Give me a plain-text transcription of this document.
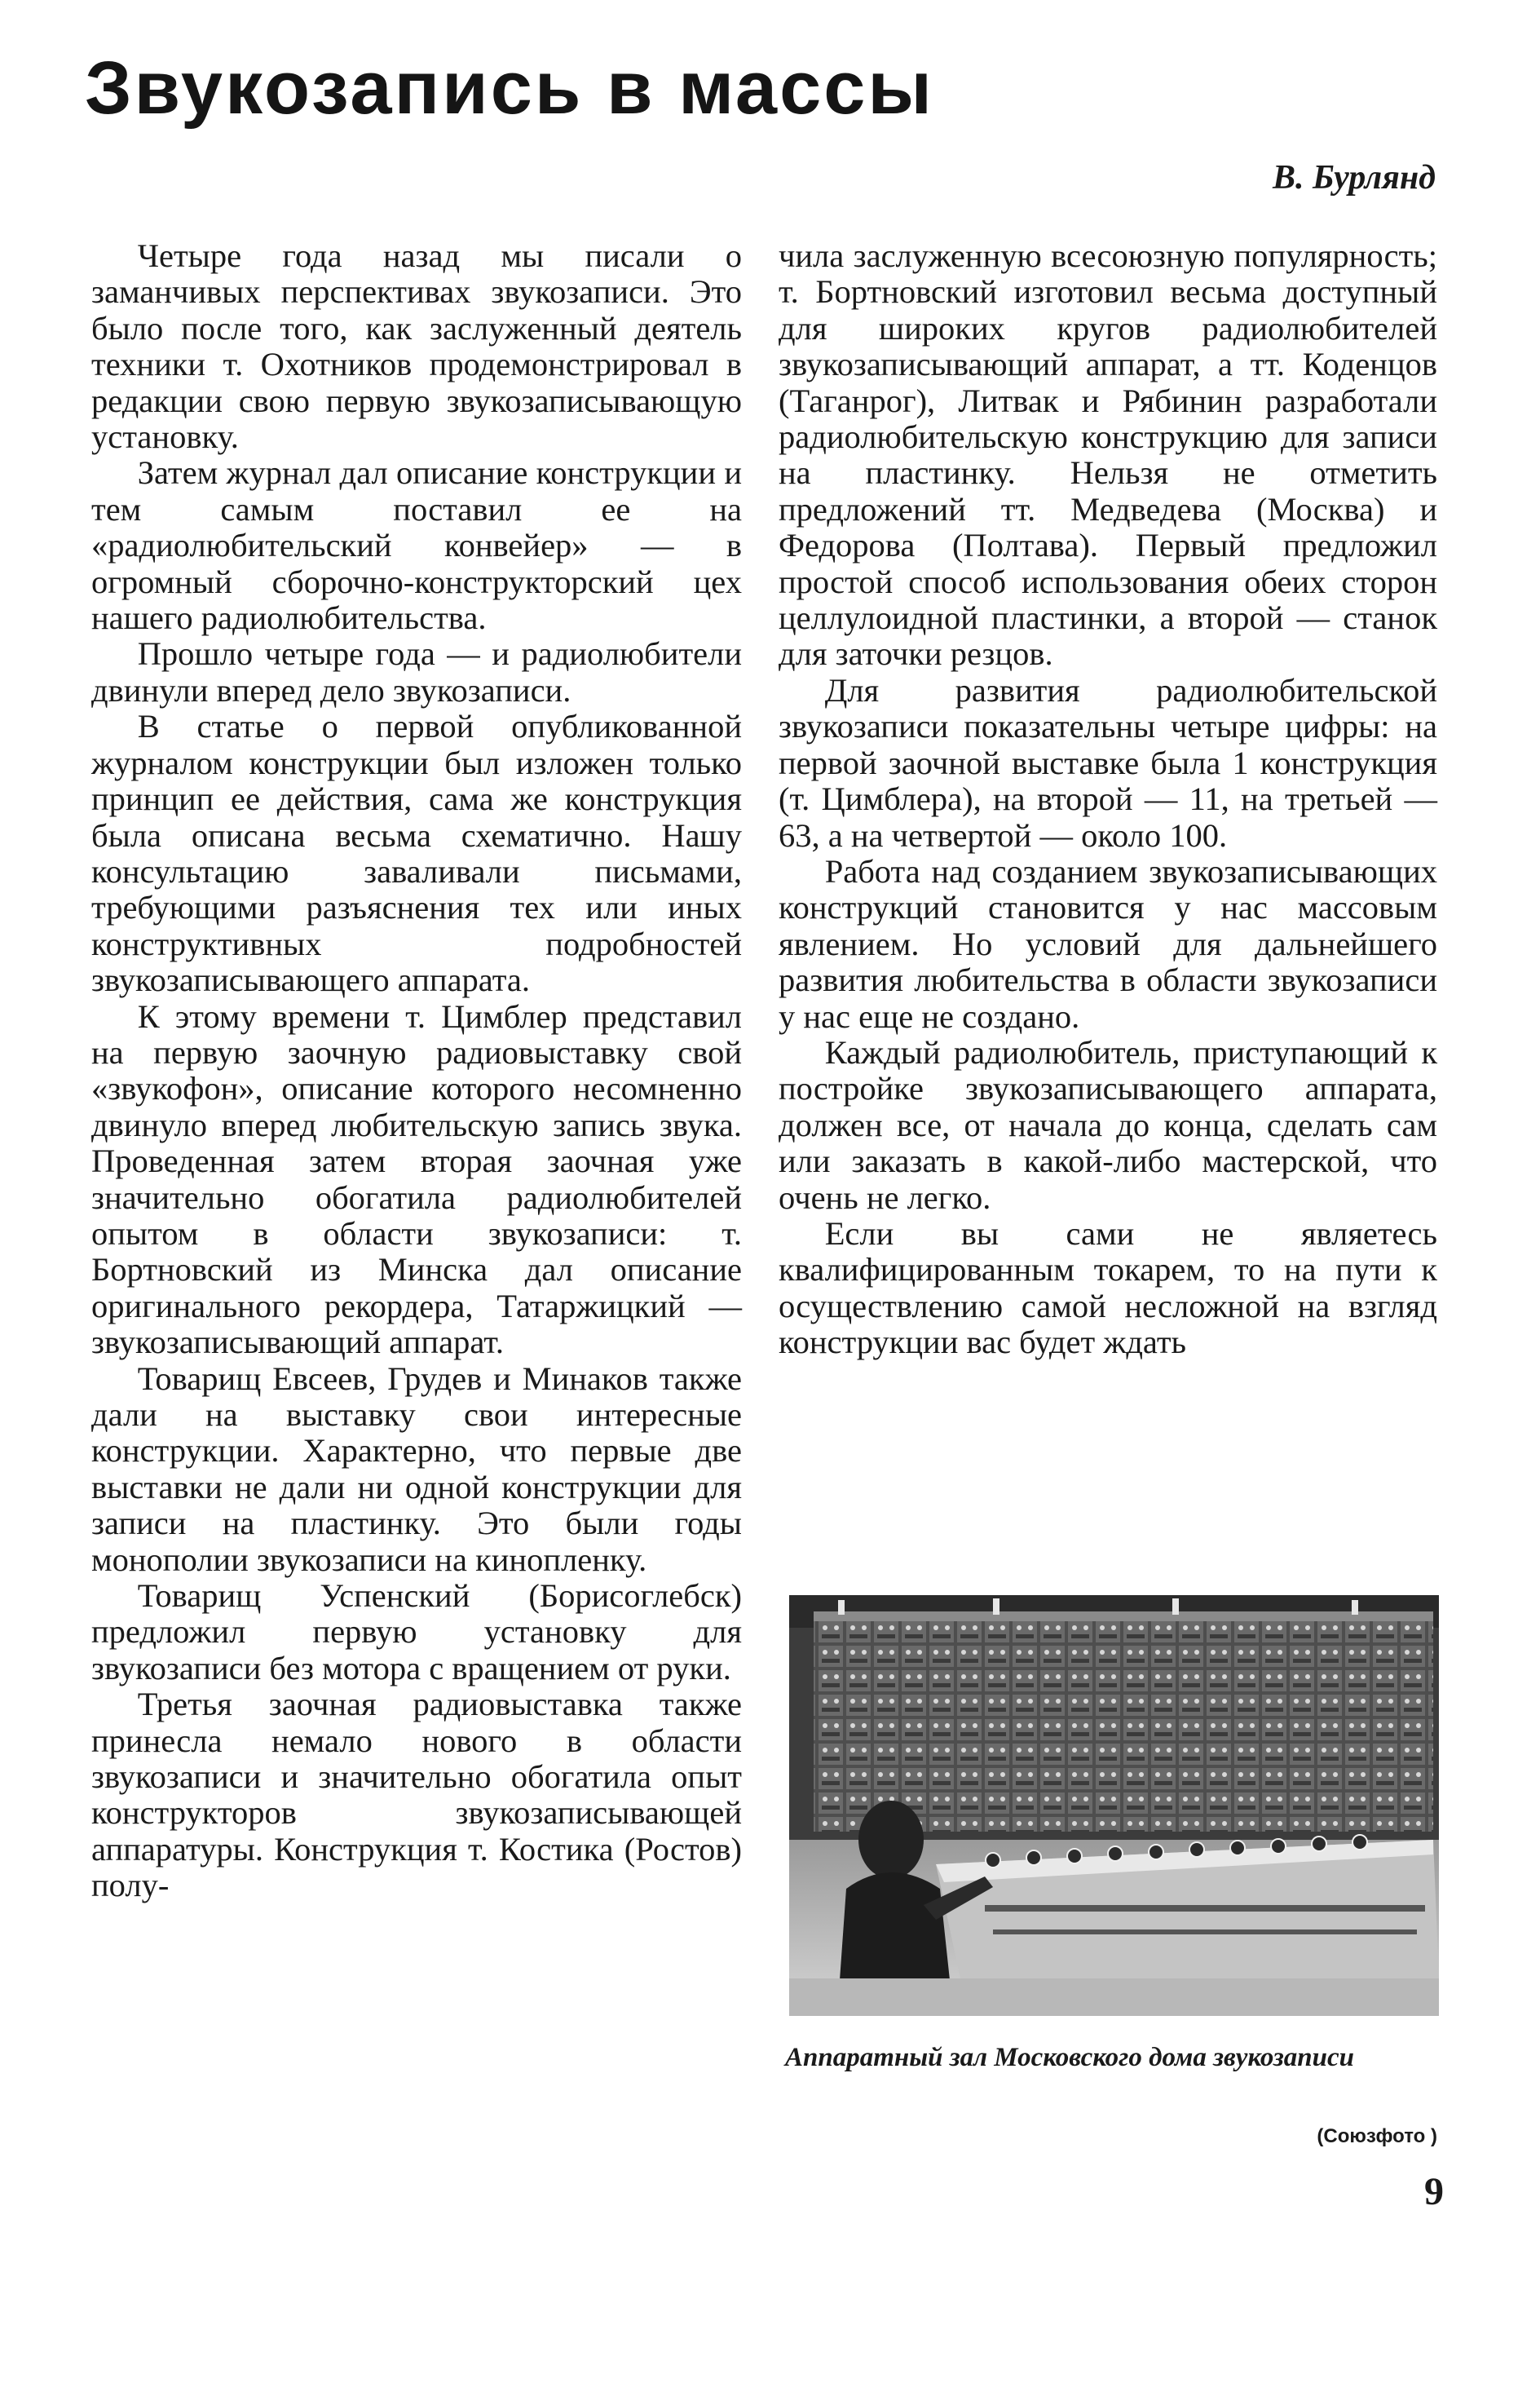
Звукозапись в массы

В. Бурлянд

Четыре года назад мы писали о заманчивых перспективах звукозаписи. Это было после того, как заслуженный деятель техники т. Охотников продемонстрировал в редакции свою первую звукозаписывающую установку.

Затем журнал дал описание конструкции и тем самым поставил ее на «радиолюбительский конвейер» — в огромный сборочно-конструкторский цех нашего радиолюбительства.

Прошло четыре года — и радиолюбители двинули вперед дело звукозаписи.

В статье о первой опубликованной журналом конструкции был изложен только принцип ее действия, сама же конструкция была описана весьма схематично. Нашу консультацию заваливали письмами, требующими разъяснения тех или иных конструктивных подробностей звукозаписывающего аппарата.

К этому времени т. Цимблер представил на первую заочную радиовыставку свой «звукофон», описание которого несомненно двинуло вперед любительскую запись звука. Проведенная затем вторая заочная уже значительно обогатила радиолюбителей опытом в области звукозаписи: т. Бортновский из Минска дал описание оригинального рекордера, Татаржицкий — звукозаписывающий аппарат.

Товарищ Евсеев, Грудев и Минаков также дали на выставку свои интересные конструкции. Характерно, что первые две выставки не дали ни одной конструкции для записи на пластинку. Это были годы монополии звукозаписи на кинопленку.

Товарищ Успенский (Борисоглебск) предложил первую установку для звукозаписи без мотора с вращением от руки.

Третья заочная радиовыставка также принесла немало нового в области звукозаписи и значительно обогатила опыт конструкторов звукозаписывающей аппаратуры. Конструкция т. Костика (Ростов) полу-

чила заслуженную всесоюзную популярность; т. Бортновский изготовил весьма доступный для широких кругов радиолюбителей звукозаписывающий аппарат, а тт. Коденцов (Таганрог), Литвак и Рябинин разработали радиолюбительскую конструкцию для записи на пластинку. Нельзя не отметить предложений тт. Медведева (Москва) и Федорова (Полтава). Первый предложил простой способ использования обеих сторон целлулоидной пластинки, а второй — станок для заточки резцов.

Для развития радиолюбительской звукозаписи показательны четыре цифры: на первой заочной выставке была 1 конструкция (т. Цимблера), на второй — 11, на третьей — 63, а на четвертой — около 100.

Работа над созданием звукозаписывающих конструкций становится у нас массовым явлением. Но условий для дальнейшего развития любительства в области звукозаписи у нас еще не создано.

Каждый радиолюбитель, приступающий к постройке звукозаписывающего аппарата, должен все, от начала до конца, сделать сам или заказать в какой-либо мастерской, что очень не легко.

Если вы сами не являетесь квалифицированным токарем, то на пути к осуществлению самой несложной на взгляд конструкции вас будет ждать

Аппаратный зал Московского дома звукозаписи

(Союзфото )

9
